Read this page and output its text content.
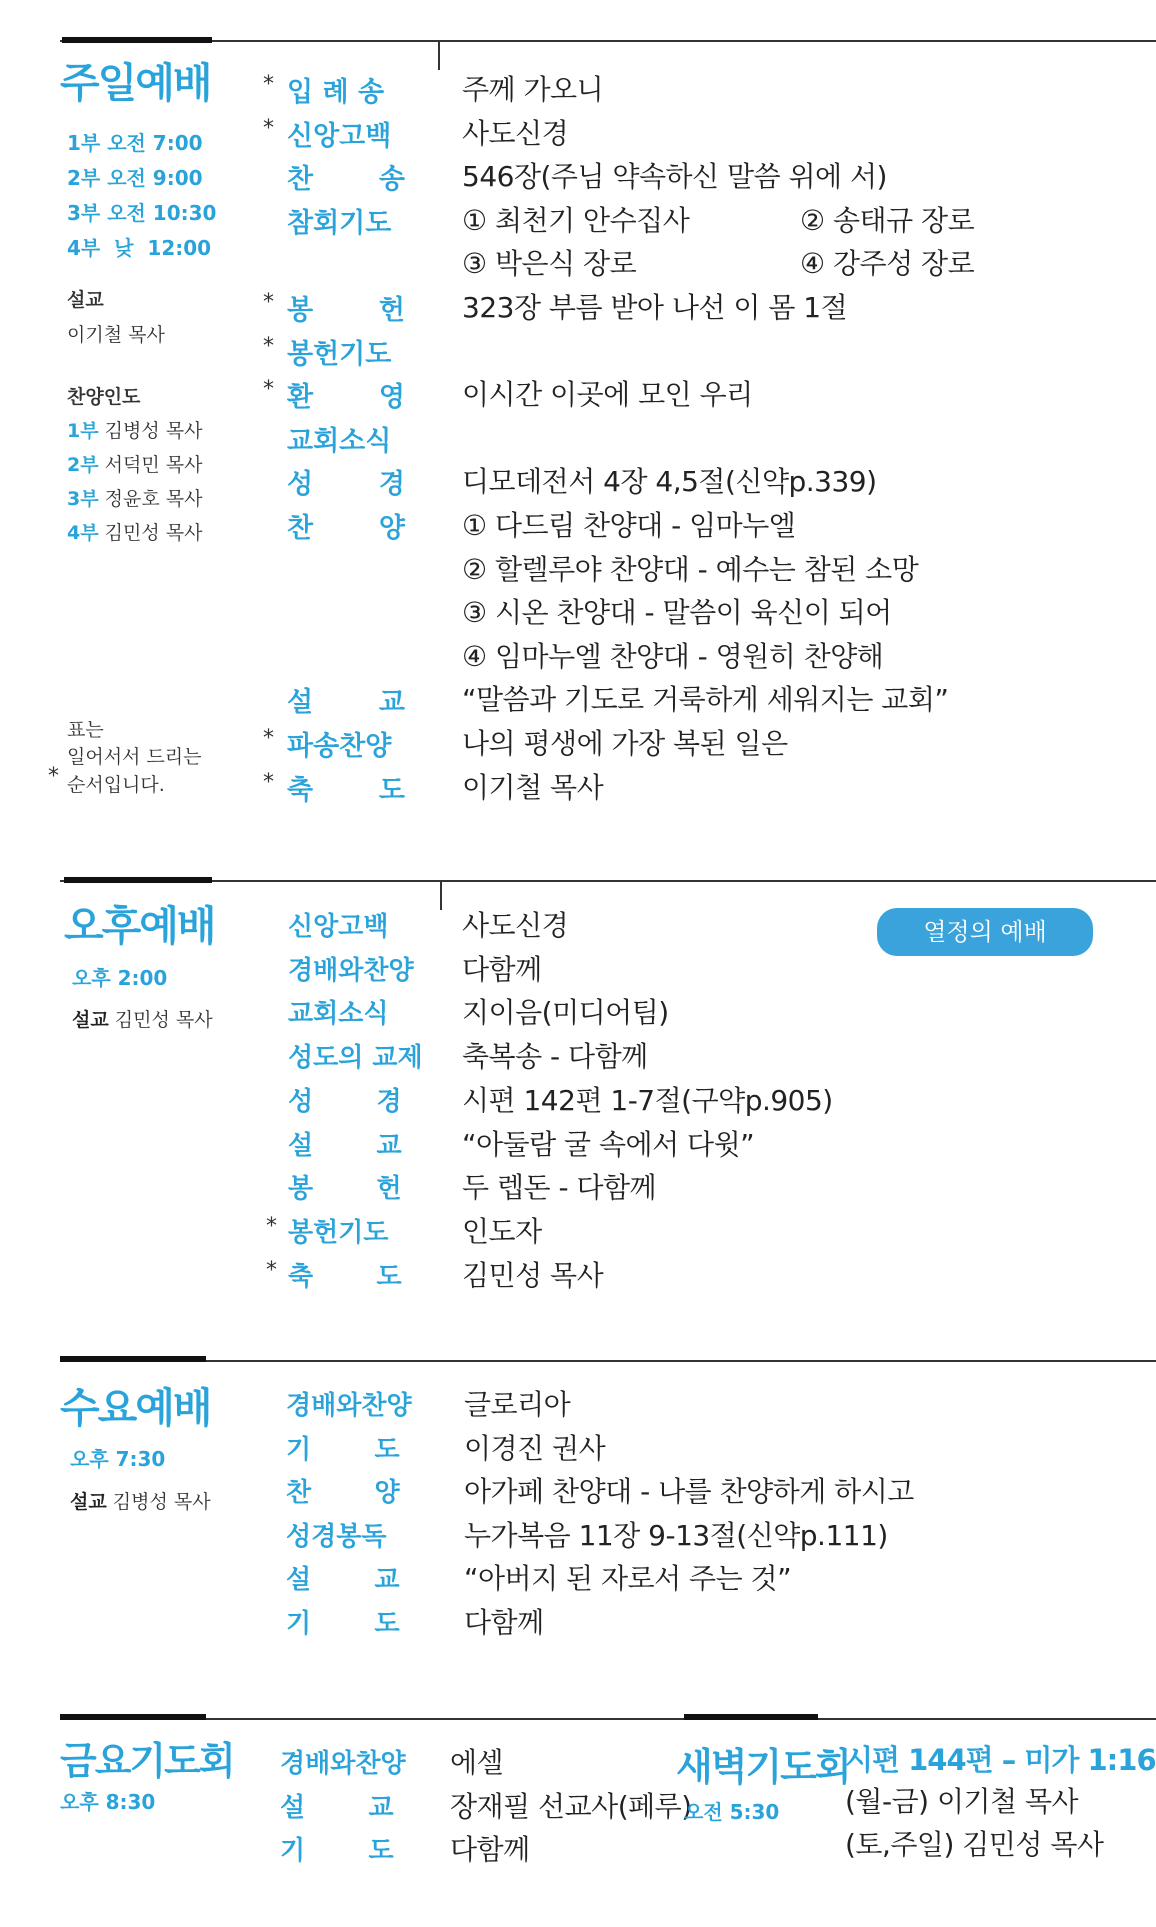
주일예배
1부 오전 7:00
2부 오전 9:00
3부 오전 10:30
4부  낮  12:00
설교
이기철 목사
찬양인도
1부 김병성 목사
2부 서덕민 목사
3부 정윤호 목사
4부 김민성 목사
표는
일어서서 드리는
* 순서입니다.
* 입 례 송	주께 가오니
* 신앙고백	사도신경
찬       송 546장(주님 약속하신 말씀 위에 서)
참회기도	① 최천기 안수집사	② 송태규 장로
③ 박은식 장로	④ 강주성 장로
* 봉       헌 323장 부름 받아 나선 이 몸 1절
* 봉헌기도
* 환       영 이시간 이곳에 모인 우리
교회소식
성       경 디모데전서 4장 4,5절(신약p.339)
찬       양 ① 다드림 찬양대 - 임마누엘
② 할렐루야 찬양대 - 예수는 참된 소망
③ 시온 찬양대 - 말씀이 육신이 되어
④ 임마누엘 찬양대 - 영원히 찬양해
설       교 “말씀과 기도로 거룩하게 세워지는 교회”
* 파송찬양	나의 평생에 가장 복된 일은
* 축       도 이기철 목사
오후예배
오후 2:00
설교 김민성 목사
열정의 예배
신앙고백	사도신경
경배와찬양 다함께
교회소식	지이음(미디어팀)
성도의 교제 축복송 - 다함께
성       경 시편 142편 1-7절(구약p.905)
설       교 “아둘람 굴 속에서 다윗”
봉       헌 두 렙돈 - 다함께
* 봉헌기도	인도자
* 축       도 김민성 목사
수요예배
오후 7:30
설교 김병성 목사
경배와찬양 글로리아
기       도 이경진 권사
찬       양 아가페 찬양대 - 나를 찬양하게 하시고
성경봉독	누가복음 11장 9-13절(신약p.111)
설       교 “아버지 된 자로서 주는 것”
기       도 다함께
금요기도회
오후 8:30
경배와찬양 에셀
설       교 장재필 선교사(페루)
기       도 다함께
새벽기도회
오전 5:30
시편 144편 – 미가 1:16
(월-금) 이기철 목사
(토,주일) 김민성 목사
